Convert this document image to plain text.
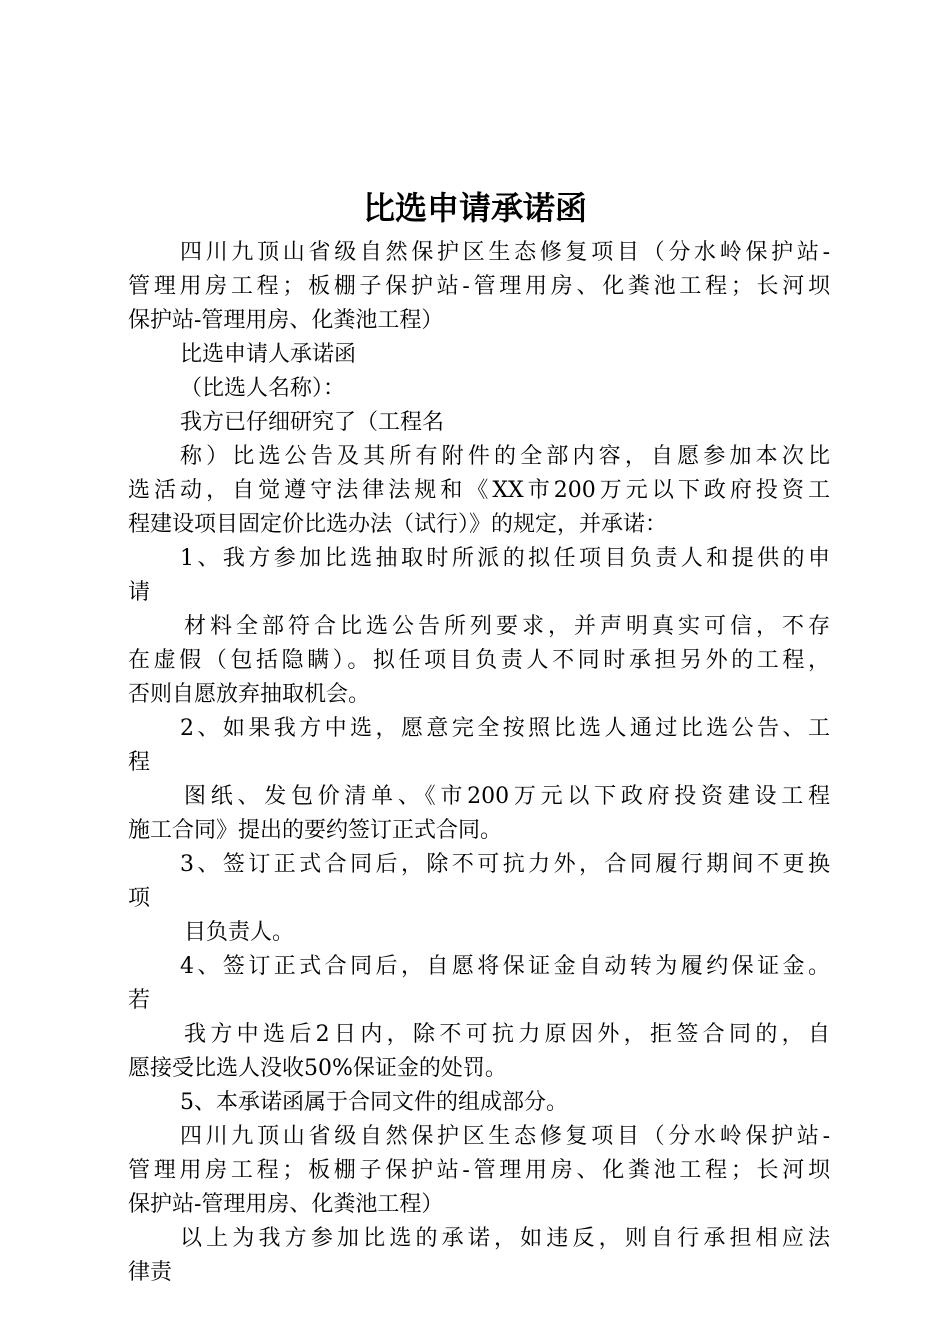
比选申请承诺函
四川九顶山省级自然保护区生态修复项目（分水岭保护站-
管理用房工程；板棚子保护站-管理用房、化粪池工程；长河坝
保护站-管理用房、化粪池工程）
比选申请人承诺函
（比选人名称）：
我方已仔细研究了（工程名
称）比选公告及其所有附件的全部内容，自愿参加本次比
选活动，自觉遵守法律法规和《XX市200万元以下政府投资工
程建设项目固定价比选办法（试行）》的规定，并承诺：
1、我方参加比选抽取时所派的拟任项目负责人和提供的申
请
材料全部符合比选公告所列要求，并声明真实可信，不存
在虚假（包括隐瞒）。拟任项目负责人不同时承担另外的工程，
否则自愿放弃抽取机会。
2、如果我方中选，愿意完全按照比选人通过比选公告、工
程
图纸、发包价清单、《市200万元以下政府投资建设工程
施工合同》提出的要约签订正式合同。
3、签订正式合同后，除不可抗力外，合同履行期间不更换
项
目负责人。
4、签订正式合同后，自愿将保证金自动转为履约保证金。
若
我方中选后2日内，除不可抗力原因外，拒签合同的，自
愿接受比选人没收50%保证金的处罚。
5、本承诺函属于合同文件的组成部分。
四川九顶山省级自然保护区生态修复项目（分水岭保护站-
管理用房工程；板棚子保护站-管理用房、化粪池工程；长河坝
保护站-管理用房、化粪池工程）
以上为我方参加比选的承诺，如违反，则自行承担相应法
律责
